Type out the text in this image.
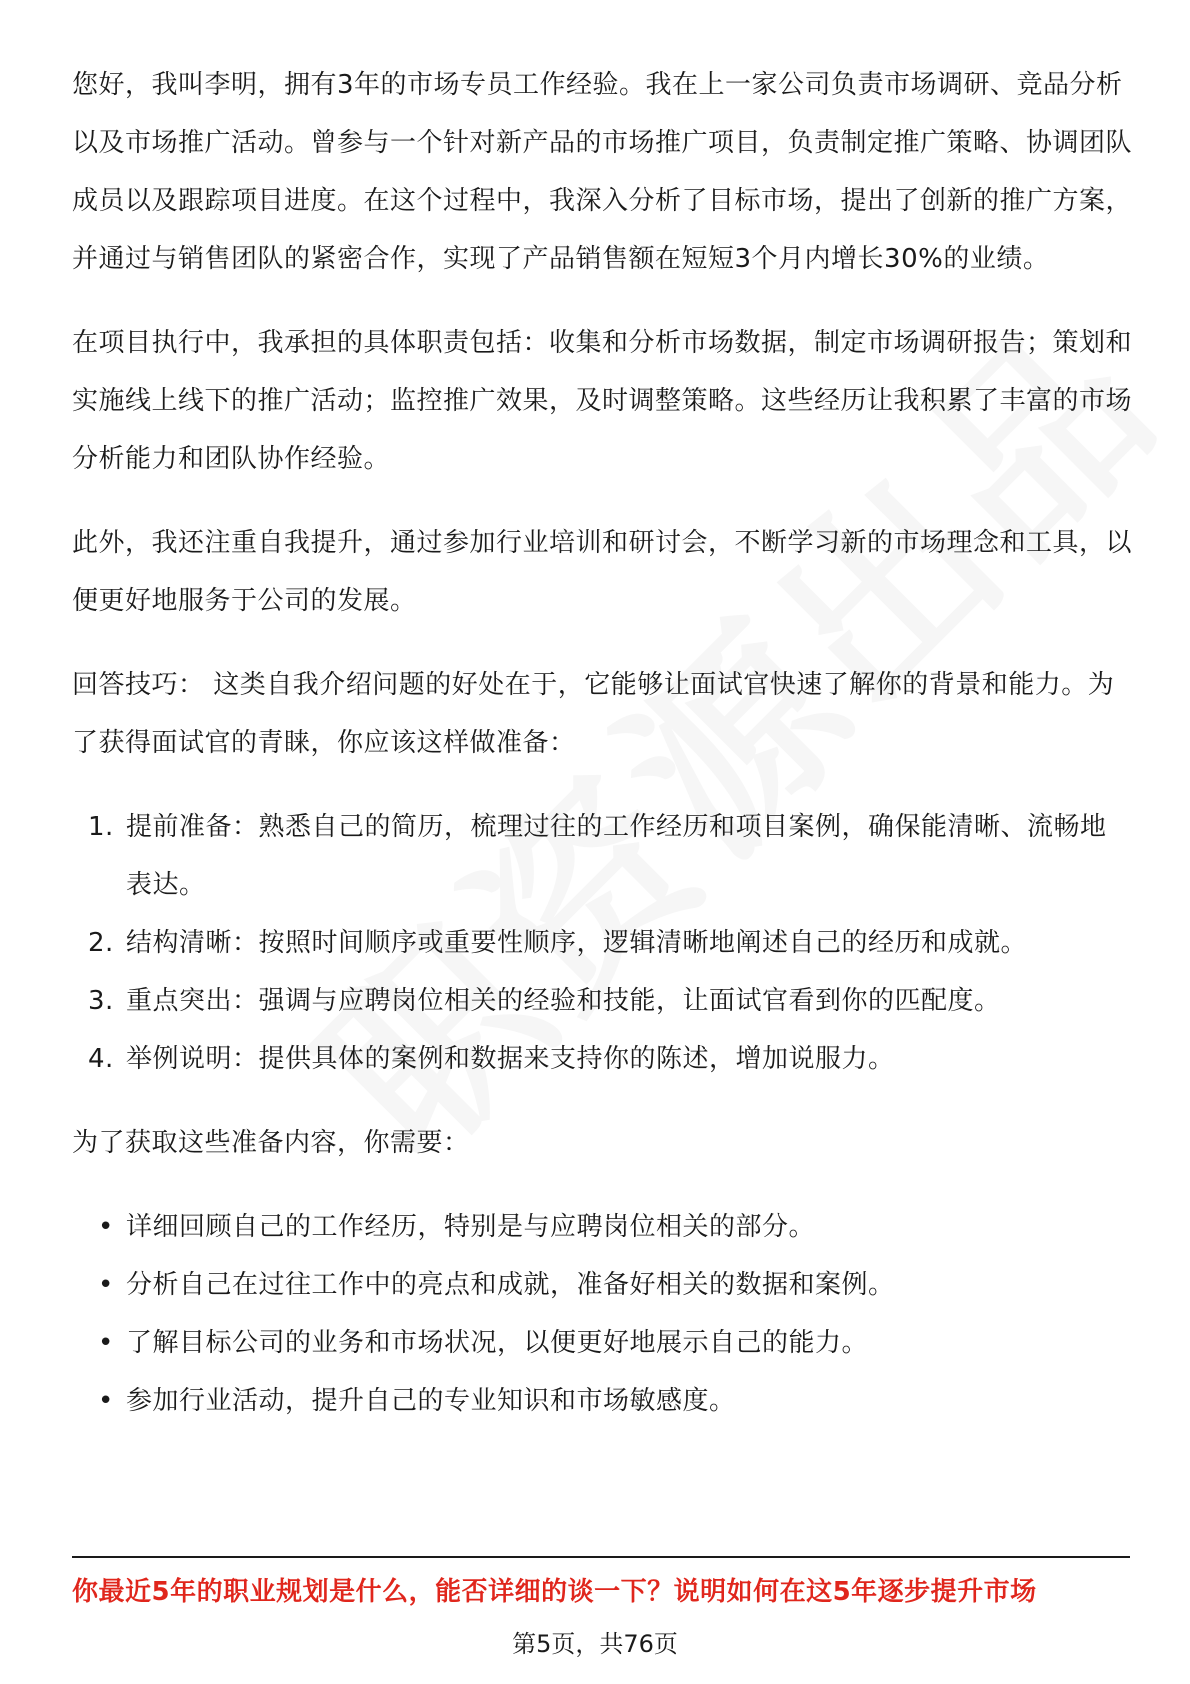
您好，我叫李明，拥有3年的市场专员工作经验。我在上一家公司负责市场调研、竞品分析以及市场推广活动。曾参与一个针对新产品的市场推广项目，负责制定推广策略、协调团队成员以及跟踪项目进度。在这个过程中，我深入分析了目标市场，提出了创新的推广方案，并通过与销售团队的紧密合作，实现了产品销售额在短短3个月内增长30%的业绩。

在项目执行中，我承担的具体职责包括：收集和分析市场数据，制定市场调研报告；策划和实施线上线下的推广活动；监控推广效果，及时调整策略。这些经历让我积累了丰富的市场分析能力和团队协作经验。

此外，我还注重自我提升，通过参加行业培训和研讨会，不断学习新的市场理念和工具，以便更好地服务于公司的发展。

回答技巧： 这类自我介绍问题的好处在于，它能够让面试官快速了解你的背景和能力。为了获得面试官的青睐，你应该这样做准备：

1. 提前准备：熟悉自己的简历，梳理过往的工作经历和项目案例，确保能清晰、流畅地表达。
2. 结构清晰：按照时间顺序或重要性顺序，逻辑清晰地阐述自己的经历和成就。
3. 重点突出：强调与应聘岗位相关的经验和技能，让面试官看到你的匹配度。
4. 举例说明：提供具体的案例和数据来支持你的陈述，增加说服力。

为了获取这些准备内容，你需要：

• 详细回顾自己的工作经历，特别是与应聘岗位相关的部分。
• 分析自己在过往工作中的亮点和成就，准备好相关的数据和案例。
• 了解目标公司的业务和市场状况，以便更好地展示自己的能力。
• 参加行业活动，提升自己的专业知识和市场敏感度。
你最近5年的职业规划是什么，能否详细的谈一下？说明如何在这5年逐步提升市场
第5页，共76页
